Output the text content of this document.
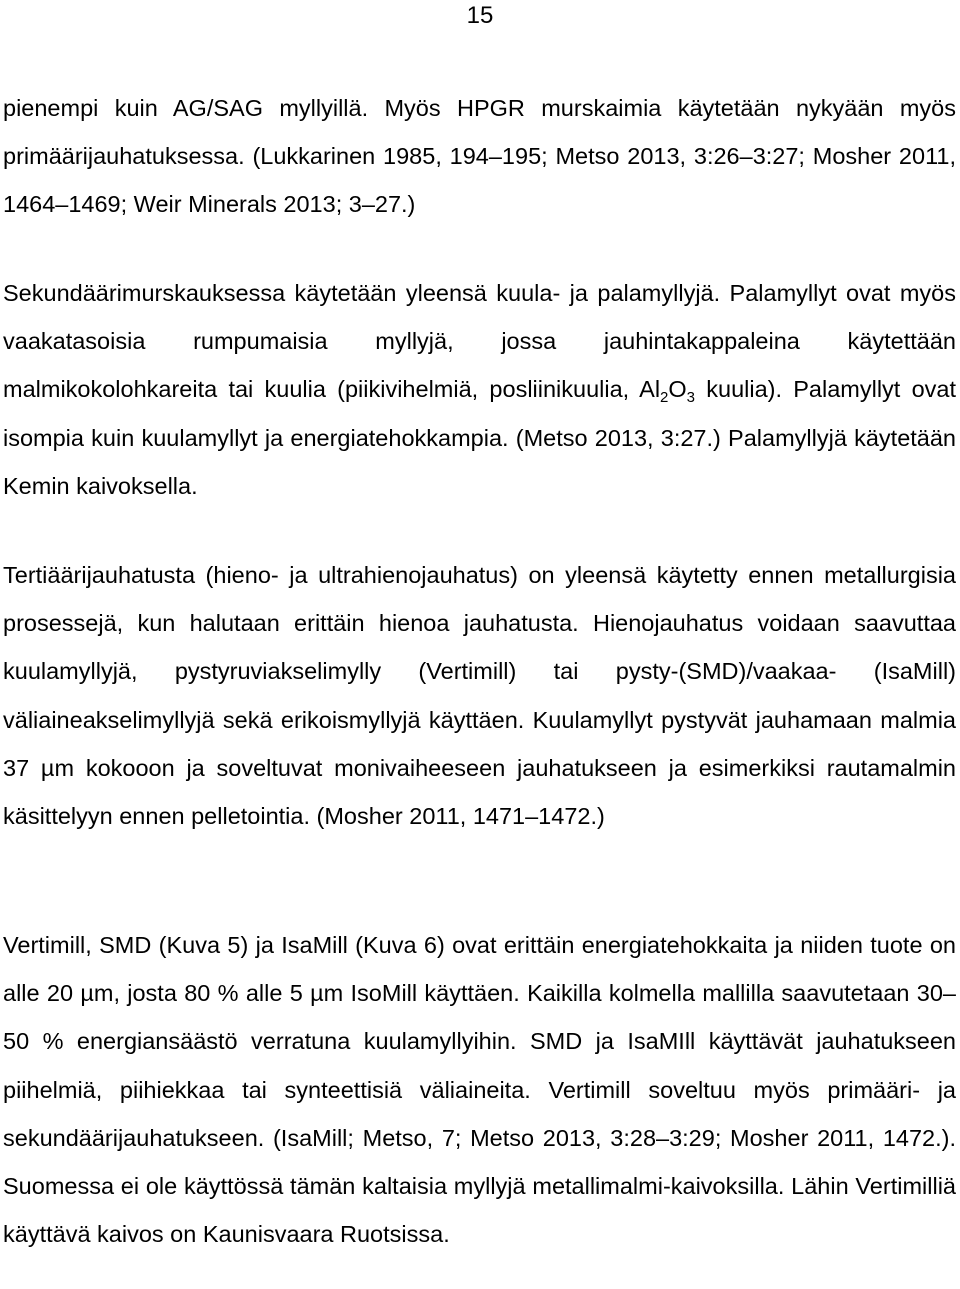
15

pienempi kuin AG/SAG myllyillä. Myös HPGR murskaimia käytetään nykyään myös primäärijauhatuksessa. (Lukkarinen 1985, 194–195; Metso 2013, 3:26–3:27; Mosher 2011, 1464–1469; Weir Minerals 2013; 3–27.)

Sekundäärimurskauksessa käytetään yleensä kuula- ja palamyllyjä. Palamyllyt ovat myös vaakatasoisia rumpumaisia myllyjä, jossa jauhintakappaleina käytettään malmikokolohkareita tai kuulia (piikivihelmiä, posliinikuulia, $Al_2O_3$ kuulia). Palamyllyt ovat isompia kuin kuulamyllyt ja energiatehokkampia. (Metso 2013, 3:27.) Palamyllyjä käytetään Kemin kaivoksella.

Tertiäärijauhatusta (hieno- ja ultrahienojauhatus) on yleensä käytetty ennen metallurgisia prosessejä, kun halutaan erittäin hienoa jauhatusta. Hienojauhatus voidaan saavuttaa kuulamyllyjä, pystyruviakselimylly (Vertimill) tai pysty-(SMD)/vaakaa- (IsaMill) väliaineakselimyllyjä sekä erikoismyllyjä käyttäen. Kuulamyllyt pystyvät jauhamaan malmia 37 µm kokooon ja soveltuvat monivaiheeseen jauhatukseen ja esimerkiksi rautamalmin käsittelyyn ennen pelletointia. (Mosher 2011, 1471–1472.)

Vertimill, SMD (Kuva 5) ja IsaMill (Kuva 6) ovat erittäin energiatehokkaita ja niiden tuote on alle 20 µm, josta 80 % alle 5 µm IsoMill käyttäen. Kaikilla kolmella mallilla saavutetaan 30–50 % energiansäästö verratuna kuulamyllyihin. SMD ja IsaMIll käyttävät jauhatukseen piihelmiä, piihiekkaa tai synteettisiä väliaineita. Vertimill soveltuu myös primääri- ja sekundäärijauhatukseen. (IsaMill; Metso, 7; Metso 2013, 3:28–3:29; Mosher 2011, 1472.). Suomessa ei ole käyttössä tämän kaltaisia myllyjä metallimalmi-kaivoksilla. Lähin Vertimilliä käyttävä kaivos on Kaunisvaara Ruotsissa.
